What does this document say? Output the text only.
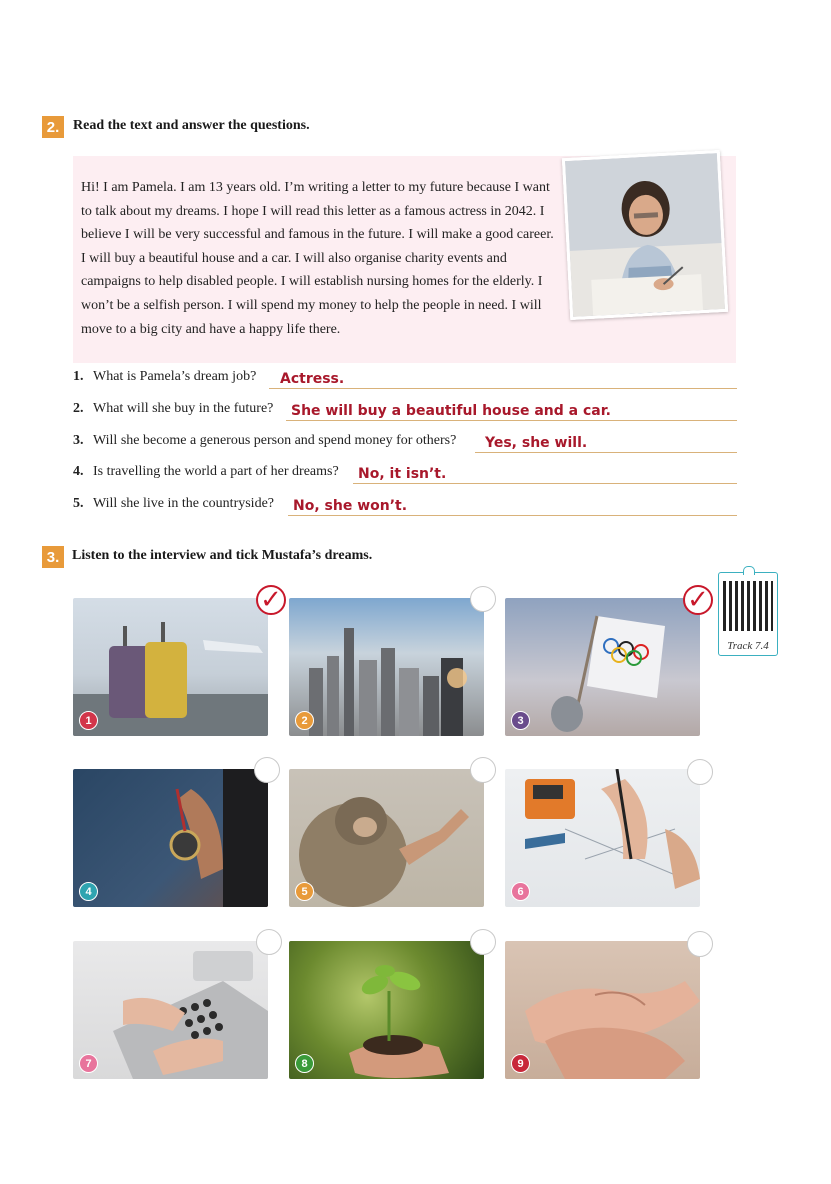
2. Read the text and answer the questions.
Hi! I am Pamela. I am 13 years old. I’m writing a letter to my future because I want to talk about my dreams. I hope I will read this letter as a famous actress in 2042. I believe I will be very successful and famous in the future. I will make a good career. I will buy a beautiful house and a car. I will also organise charity events and campaigns to help disabled people. I will establish nursing homes for the elderly. I won’t be a selfish person. I will spend my money to help the people in need. I will move to a big city and have a happy life there.
1. What is Pamela’s dream job? Actress.
2. What will she buy in the future? She will buy a beautiful house and a car.
3. Will she become a generous person and spend money for others? Yes, she will.
4. Is travelling the world a part of her dreams? No, it isn’t.
5. Will she live in the countryside? No, she won’t.
3. Listen to the interview and tick Mustafa’s dreams.
Track 7.4
1
✓
2	3
✓
4	5	6
7	8	9
